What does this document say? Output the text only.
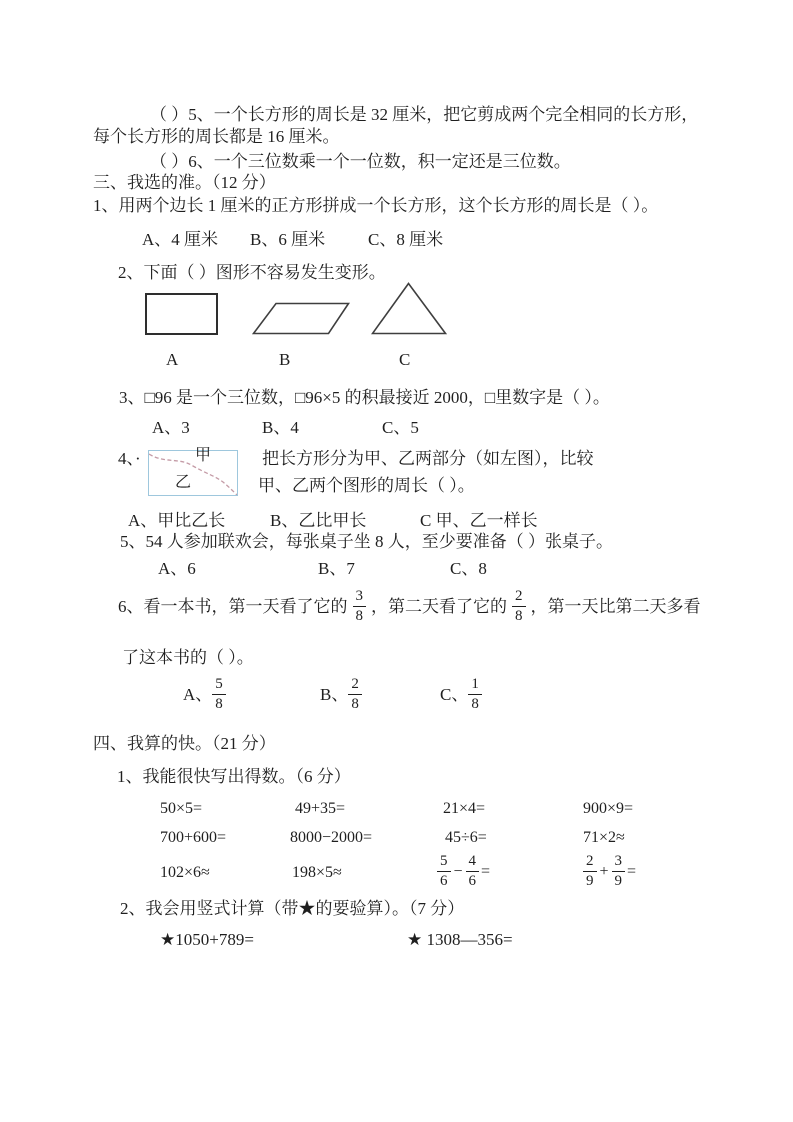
（ ）5、一个长方形的周长是 32 厘米，把它剪成两个完全相同的长方形，
每个长方形的周长都是 16 厘米。
（ ）6、一个三位数乘一个一位数，积一定还是三位数。
三、我选的准。（12 分）
1、用两个边长 1 厘米的正方形拼成一个长方形，这个长方形的周长是（ ）。
A、4 厘米 B、6 厘米	C、8 厘米
2、下面（ ）图形不容易发生变形。
A	B	C
3、□96 是一个三位数，□96×5 的积最接近 2000，□里数字是（ ）。
A、3	B、4	C、5
4、·	甲
乙
把长方形分为甲、乙两部分（如左图），比较
甲、乙两个图形的周长（ ）。
A、甲比乙长	B、乙比甲长	C 甲、乙一样长
5、54 人参加联欢会，每张桌子坐 8 人，至少要准备（ ）张桌子。
A、6	B、7	C、8
6、看一本书，第一天看了它的 $\frac{3}{8}$ ，第二天看了它的 $\frac{2}{8}$ ，第一天比第二天多看
了这本书的（ ）。
A、 $\frac{5}{8}$	B、 $\frac{2}{8}$	C、 $\frac{1}{8}$
四、我算的快。（21 分）
1、我能很快写出得数。（6 分）
50×5=	49+35=	21×4=	900×9=
700+600=	8000−2000=	45÷6=	71×2≈
102×6≈	198×5≈	$\frac{5}{6} - \frac{4}{6}$ =	$\frac{2}{9} + \frac{3}{9}$ =
2、我会用竖式计算（带★的要验算）。（7 分）
★1050+789=	★ 1308—356=
